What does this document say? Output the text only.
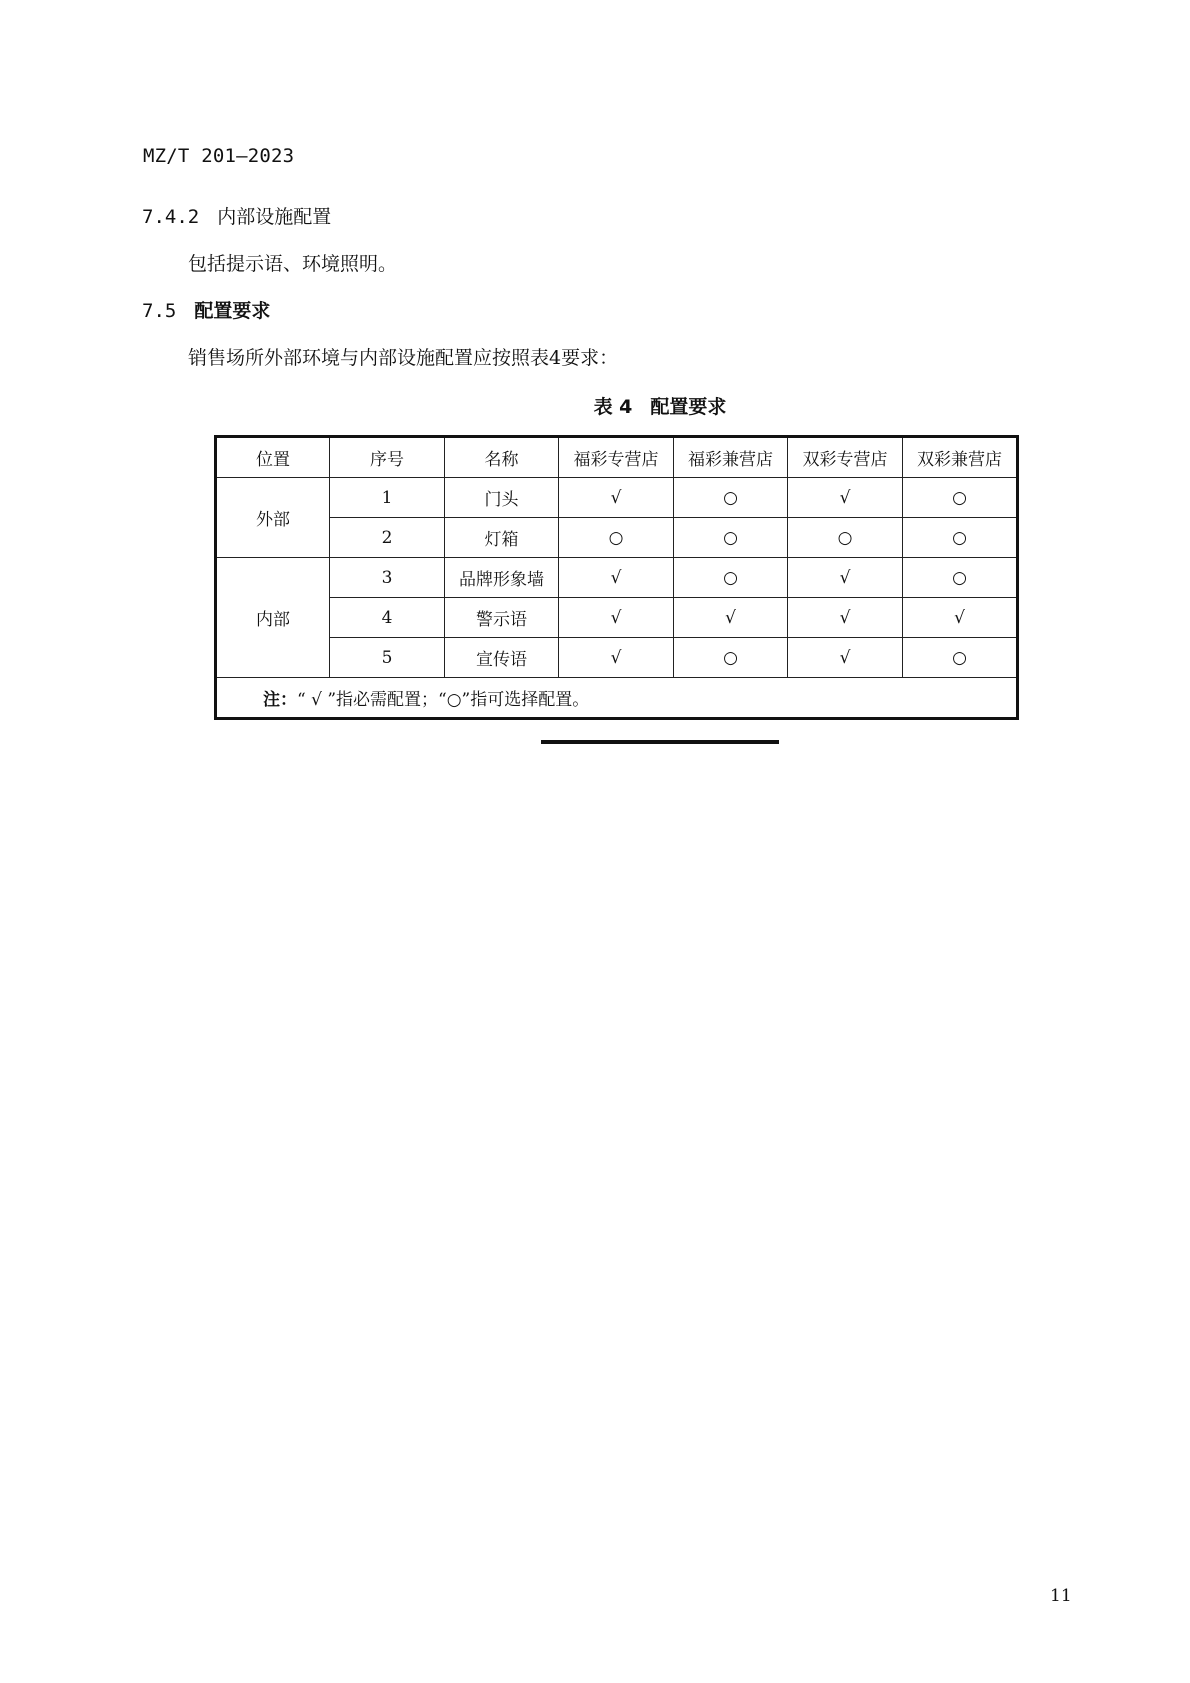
MZ/T 201—2023
7.4.2 内部设施配置
包括提示语、环境照明。
7.5 配置要求
销售场所外部环境与内部设施配置应按照表4要求：
表 4 配置要求
位置	序号	名称	福彩专营店	福彩兼营店	双彩专营店	双彩兼营店
外部	1	门头	√	○	√	○
	2	灯箱	○	○	○	○
内部	3	品牌形象墙	√	○	√	○
	4	警示语	√	√	√	√
	5	宣传语	√	○	√	○
注：“ √ ”指必需配置；“○”指可选择配置。						
11
